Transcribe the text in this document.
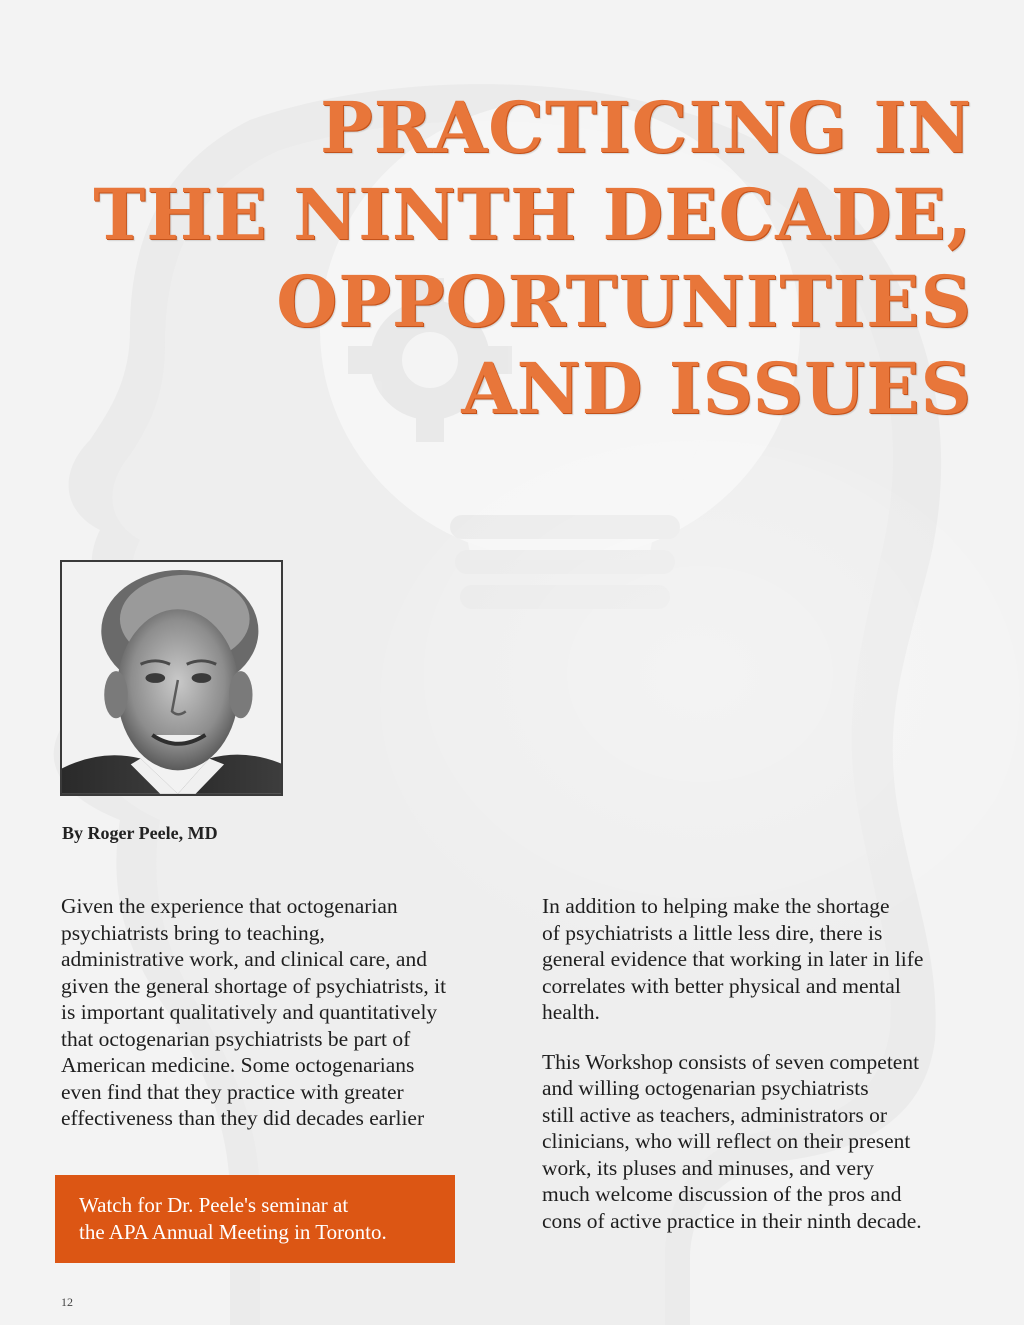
PRACTICING IN
THE NINTH DECADE,
OPPORTUNITIES
AND ISSUES
By Roger Peele, MD

Given the experience that octogenarian
psychiatrists bring to teaching,
administrative work, and clinical care, and
given the general shortage of psychiatrists, it
is important qualitatively and quantitatively
that octogenarian psychiatrists be part of
American medicine. Some octogenarians
even find that they practice with greater
effectiveness than they did decades earlier

In addition to helping make the shortage
of psychiatrists a little less dire, there is
general evidence that working in later in life
correlates with better physical and mental
health.

This Workshop consists of seven competent
and willing octogenarian psychiatrists
still active as teachers, administrators or
clinicians, who will reflect on their present
work, its pluses and minuses, and very
much welcome discussion of the pros and
cons of active practice in their ninth decade.

Watch for Dr. Peele's seminar at
the APA Annual Meeting in Toronto.
12
